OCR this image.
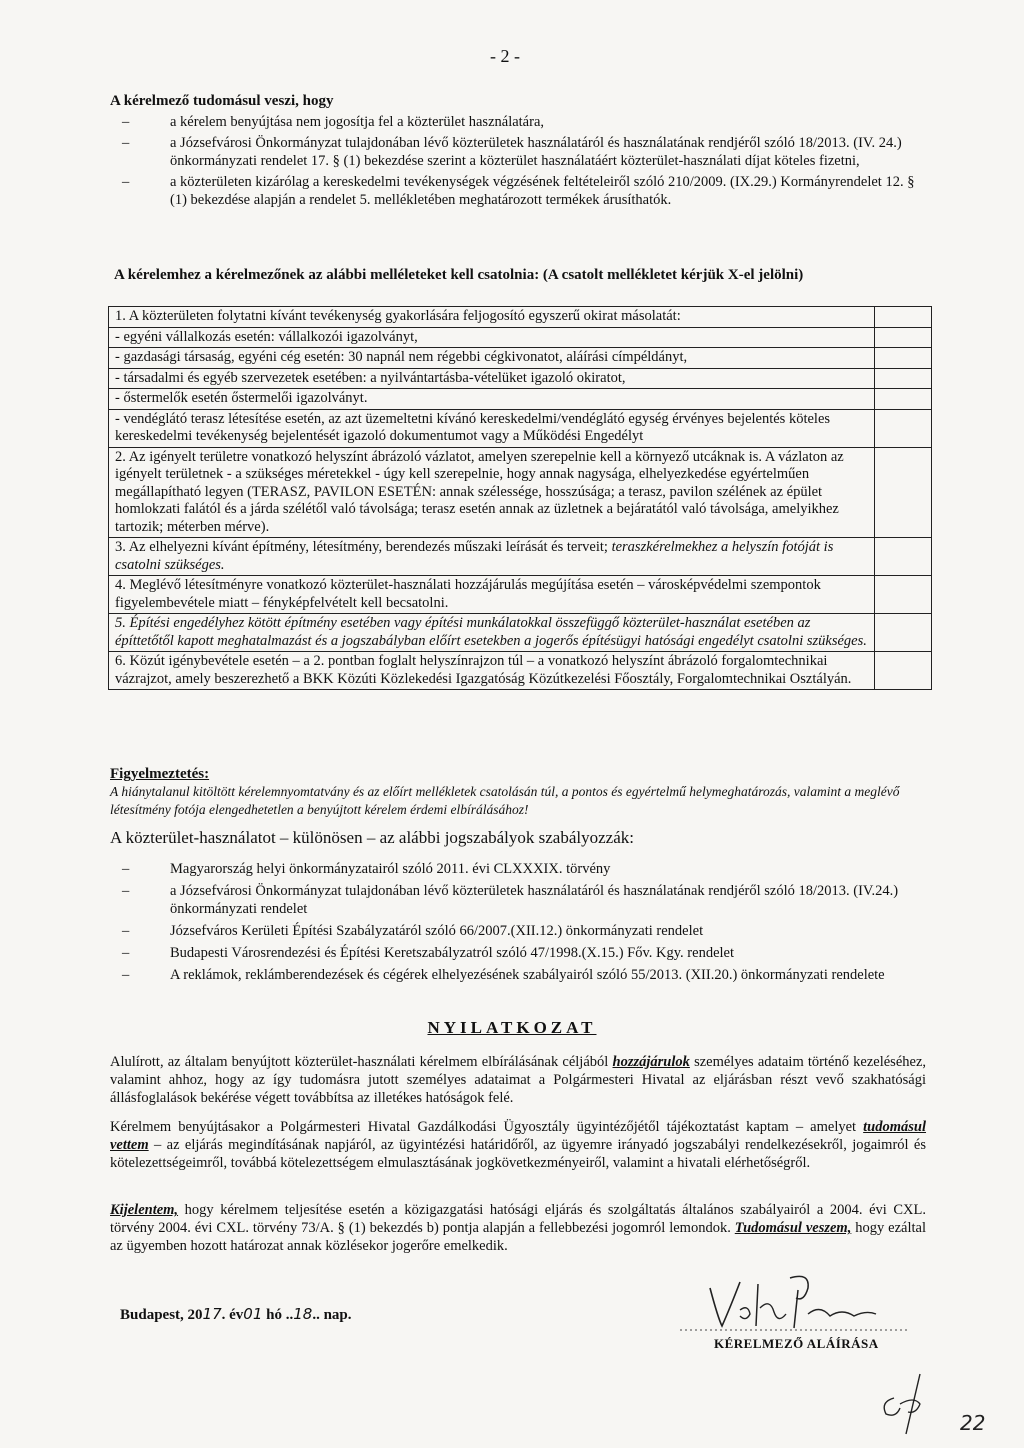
- 2 -
A kérelmező tudomásul veszi, hogy
– a kérelem benyújtása nem jogosítja fel a közterület használatára,
– a Józsefvárosi Önkormányzat tulajdonában lévő közterületek használatáról és használatának rendjéről szóló 18/2013. (IV. 24.) önkormányzati rendelet 17. § (1) bekezdése szerint a közterület használatáért közterület-használati díjat köteles fizetni,
– a közterületen kizárólag a kereskedelmi tevékenységek végzésének feltételeiről szóló 210/2009. (IX.29.) Kormányrendelet 12. § (1) bekezdése alapján a rendelet 5. mellékletében meghatározott termékek árusíthatók.
A kérelemhez a kérelmezőnek az alábbi melléleteket kell csatolnia: (A csatolt mellékletet kérjük X-el jelölni)
1. A közterületen folytatni kívánt tevékenység gyakorlására feljogosító egyszerű okirat másolatát:	
- egyéni vállalkozás esetén: vállalkozói igazolványt,	
- gazdasági társaság, egyéni cég esetén: 30 napnál nem régebbi cégkivonatot, aláírási címpéldányt,	
- társadalmi és egyéb szervezetek esetében: a nyilvántartásba-vételüket igazoló okiratot,	
- őstermelők esetén őstermelői igazolványt.	
- vendéglátó terasz létesítése esetén, az azt üzemeltetni kívánó kereskedelmi/vendéglátó egység érvényes bejelentés köteles kereskedelmi tevékenység bejelentését igazoló dokumentumot vagy a Működési Engedélyt	
2. Az igényelt területre vonatkozó helyszínt ábrázoló vázlatot, amelyen szerepelnie kell a környező utcáknak is. A vázlaton az igényelt területnek - a szükséges méretekkel - úgy kell szerepelnie, hogy annak nagysága, elhelyezkedése egyértelműen megállapítható legyen (TERASZ, PAVILON ESETÉN: annak szélessége, hosszúsága; a terasz, pavilon szélének az épület homlokzati falától és a járda szélétől való távolsága; terasz esetén annak az üzletnek a bejáratától való távolsága, amelyikhez tartozik; méterben mérve).	
3. Az elhelyezni kívánt építmény, létesítmény, berendezés műszaki leírását és terveit; teraszkérelmekhez a helyszín fotóját is csatolni szükséges.	
4. Meglévő létesítményre vonatkozó közterület-használati hozzájárulás megújítása esetén – városképvédelmi szempontok figyelembevétele miatt – fényképfelvételt kell becsatolni.	
5. Építési engedélyhez kötött építmény esetében vagy építési munkálatokkal összefüggő közterület-használat esetében az építtetőtől kapott meghatalmazást és a jogszabályban előírt esetekben a jogerős építésügyi hatósági engedélyt csatolni szükséges.	
6. Közút igénybevétele esetén – a 2. pontban foglalt helyszínrajzon túl – a vonatkozó helyszínt ábrázoló forgalomtechnikai vázrajzot, amely beszerezhető a BKK Közúti Közlekedési Igazgatóság Közútkezelési Főosztály, Forgalomtechnikai Osztályán.	
Figyelmeztetés:
A hiánytalanul kitöltött kérelemnyomtatvány és az előírt mellékletek csatolásán túl, a pontos és egyértelmű helymeghatározás, valamint a meglévő létesítmény fotója elengedhetetlen a benyújtott kérelem érdemi elbírálásához!
A közterület-használatot – különösen – az alábbi jogszabályok szabályozzák:
– Magyarország helyi önkormányzatairól szóló 2011. évi CLXXXIX. törvény
– a Józsefvárosi Önkormányzat tulajdonában lévő közterületek használatáról és használatának rendjéről szóló 18/2013. (IV.24.) önkormányzati rendelet
– Józsefváros Kerületi Építési Szabályzatáról szóló 66/2007.(XII.12.) önkormányzati rendelet
– Budapesti Városrendezési és Építési Keretszabályzatról szóló 47/1998.(X.15.) Főv. Kgy. rendelet
– A reklámok, reklámberendezések és cégérek elhelyezésének szabályairól szóló 55/2013. (XII.20.) önkormányzati rendelete
NYILATKOZAT
Alulírott, az általam benyújtott közterület-használati kérelmem elbírálásának céljából hozzájárulok személyes adataim történő kezeléséhez, valamint ahhoz, hogy az így tudomásra jutott személyes adataimat a Polgármesteri Hivatal az eljárásban részt vevő szakhatósági állásfoglalások bekérése végett továbbítsa az illetékes hatóságok felé.
Kérelmem benyújtásakor a Polgármesteri Hivatal Gazdálkodási Ügyosztály ügyintézőjétől tájékoztatást kaptam – amelyet tudomásul vettem – az eljárás megindításának napjáról, az ügyintézési határidőről, az ügyemre irányadó jogszabályi rendelkezésekről, jogaimról és kötelezettségeimről, továbbá kötelezettségem elmulasztásának jogkövetkezményeiről, valamint a hivatali elérhetőségről.
Kijelentem, hogy kérelmem teljesítése esetén a közigazgatási hatósági eljárás és szolgáltatás általános szabályairól a 2004. évi CXL. törvény 2004. évi CXL. törvény 73/A. § (1) bekezdés b) pontja alapján a fellebbezési jogomról lemondok. Tudomásul veszem, hogy ezáltal az ügyemben hozott határozat annak közlésekor jogerőre emelkedik.
Budapest, 2017. év01 hó ..18.. nap.
KÉRELMEZŐ ALÁÍRÁSA
22
